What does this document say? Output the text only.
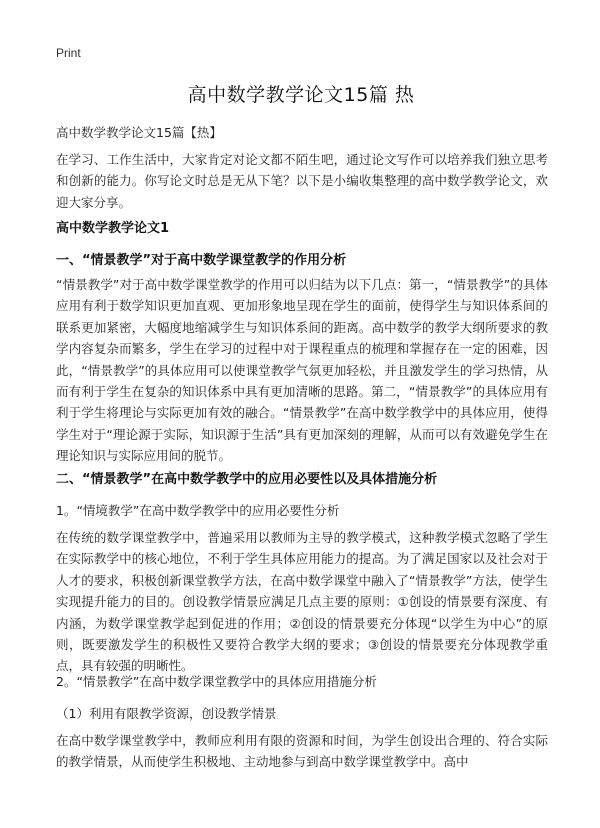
Print
高中数学教学论文15篇 热
高中数学教学论文15篇【热】
在学习、工作生活中，大家肯定对论文都不陌生吧，通过论文写作可以培养我们独立思考和创新的能力。你写论文时总是无从下笔？以下是小编收集整理的高中数学教学论文，欢迎大家分享。
高中数学教学论文1
一、“情景教学”对于高中数学课堂教学的作用分析
“情景教学”对于高中数学课堂教学的作用可以归结为以下几点：第一，“情景教学”的具体应用有利于数学知识更加直观、更加形象地呈现在学生的面前，使得学生与知识体系间的联系更加紧密，大幅度地缩减学生与知识体系间的距离。高中数学的教学大纲所要求的教学内容复杂而繁多，学生在学习的过程中对于课程重点的梳理和掌握存在一定的困难，因此，“情景教学”的具体应用可以使课堂教学气氛更加轻松，并且激发学生的学习热情，从而有利于学生在复杂的知识体系中具有更加清晰的思路。第二，“情景教学”的具体应用有利于学生将理论与实际更加有效的融合。“情景教学”在高中数学教学中的具体应用，使得学生对于“理论源于实际，知识源于生活”具有更加深刻的理解，从而可以有效避免学生在理论知识与实际应用间的脱节。
二、“情景教学”在高中数学教学中的应用必要性以及具体措施分析
1。“情境教学”在高中数学教学中的应用必要性分析
在传统的数学课堂教学中，普遍采用以教师为主导的教学模式，这种教学模式忽略了学生在实际教学中的核心地位，不利于学生具体应用能力的提高。为了满足国家以及社会对于人才的要求，积极创新课堂教学方法，在高中数学课堂中融入了“情景教学”方法，使学生实现提升能力的目的。创设教学情景应满足几点主要的原则：①创设的情景要有深度、有内涵，为数学课堂教学起到促进的作用；②创设的情景要充分体现“以学生为中心”的原则，既要激发学生的积极性又要符合教学大纲的要求；③创设的情景要充分体现教学重点，具有较强的明晰性。
2。“情景教学”在高中数学课堂教学中的具体应用措施分析
（1）利用有限教学资源，创设教学情景
在高中数学课堂教学中，教师应利用有限的资源和时间，为学生创设出合理的、符合实际的教学情景，从而使学生积极地、主动地参与到高中数学课堂教学中。高中
